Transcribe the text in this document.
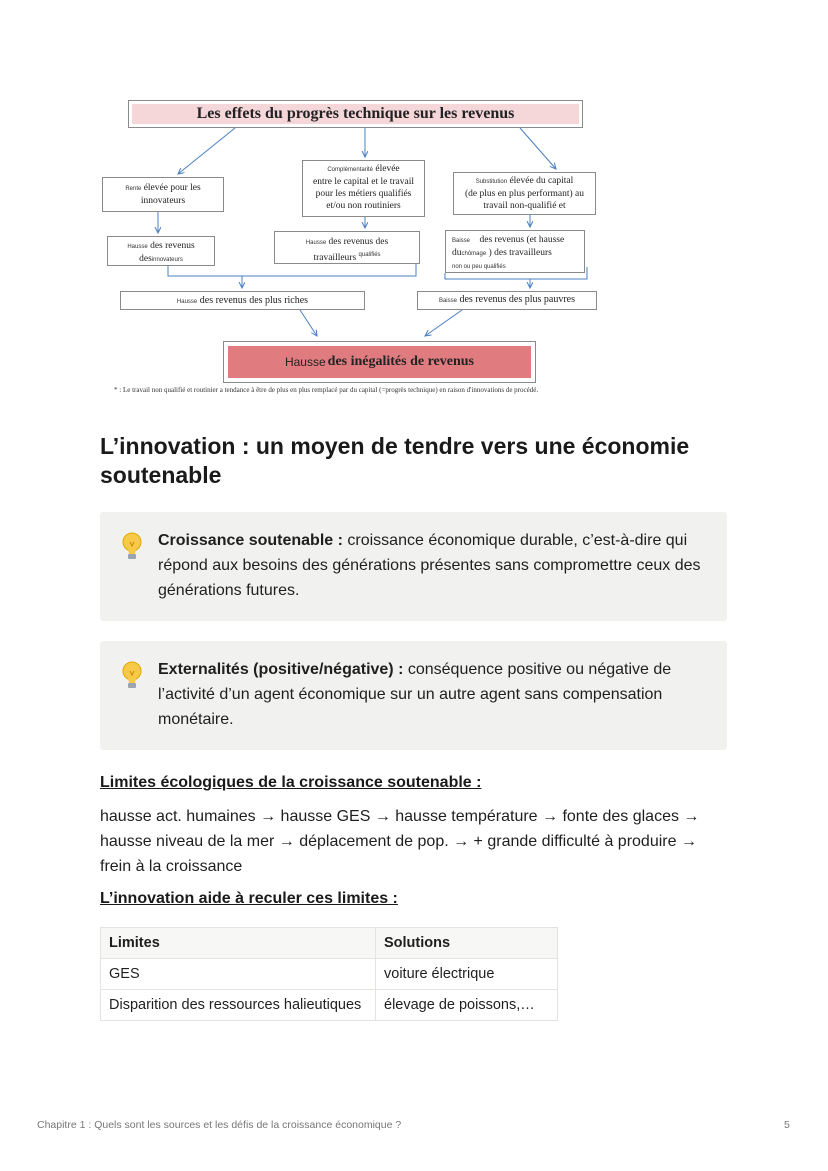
Les effets du progrès technique sur les revenus
Rente élevée pour les
innovateurs
Complémentarité élevée
entre le capital et le travail
pour les métiers qualifiés
et/ou non routiniers
Substitution élevée du capital
(de plus en plus performant) au
travail non-qualifié et
Hausse des revenus
desinnovateurs
Hausse des revenus des
travailleurs $^{qualifiés}$
Baisse des revenus (et hausse
duchômage ) des travailleurs
non ou peu qualifiés
Hausse des revenus des plus riches	Baisse des revenus des plus pauvres
Hausse des inégalités de revenus
* : Le travail non qualifié et routinier a tendance à être de plus en plus remplacé par du capital (=progrès technique) en raison d'innovations de procédé.
L’innovation : un moyen de tendre vers une économie soutenable
Croissance soutenable : croissance économique durable, c’est-à-dire qui répond aux besoins des générations présentes sans compromettre ceux des générations futures.
Externalités (positive/négative) : conséquence positive ou négative de l’activité d’un agent économique sur un autre agent sans compensation monétaire.

Limites écologiques de la croissance soutenable :

hausse act. humaines → hausse GES → hausse température → fonte des glaces → hausse niveau de la mer → déplacement de pop. → + grande difficulté à produire → frein à la croissance

L’innovation aide à reculer ces limites :

Limites	Solutions
GES	voiture électrique
Disparition des ressources halieutiques	élevage de poissons,…
Chapitre 1 : Quels sont les sources et les défis de la croissance économique ?	5
